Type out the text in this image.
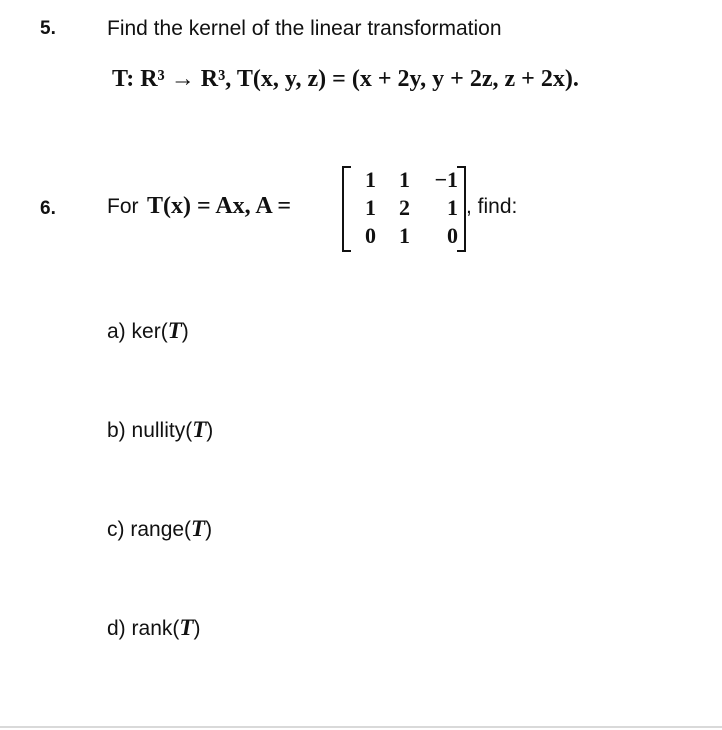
5. Find the kernel of the linear transformation
T: R³ → R³, T(x, y, z) = (x + 2y, y + 2z, z + 2x).
6. For T(x) = Ax, A =
1	1	−1
1	2	1
0	1	0
, find:
a) ker(T)
b) nullity(T)
c) range(T)
d) rank(T)
